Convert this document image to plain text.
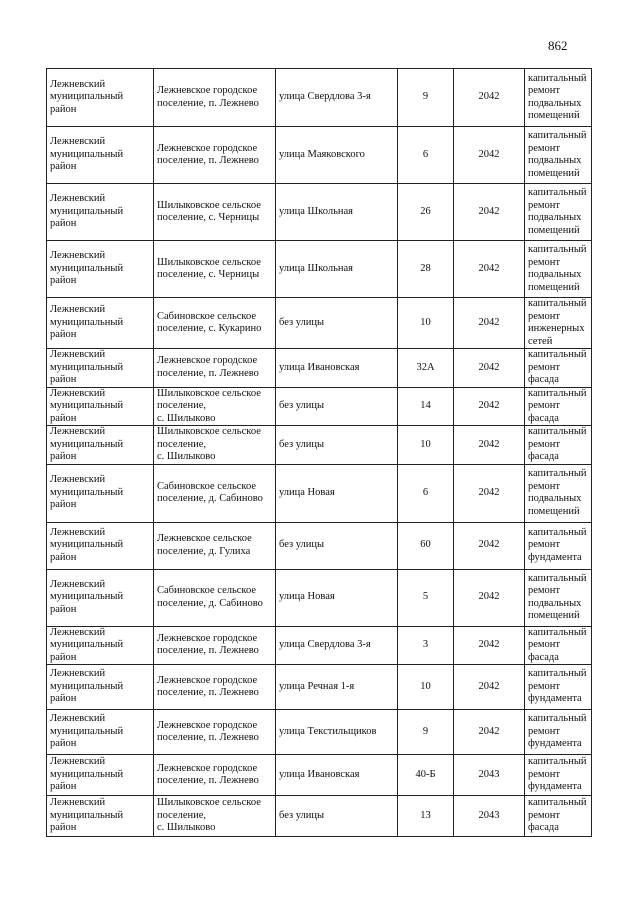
862
Лежневский
муниципальный
район	Лежневское городское
поселение, п. Лежнево	улица Свердлова 3-я	9	2042	капитальный
ремонт
подвальных
помещений
Лежневский
муниципальный
район	Лежневское городское
поселение, п. Лежнево	улица Маяковского	6	2042	капитальный
ремонт
подвальных
помещений
Лежневский
муниципальный
район	Шилыковское сельское
поселение, с. Черницы	улица Школьная	26	2042	капитальный
ремонт
подвальных
помещений
Лежневский
муниципальный
район	Шилыковское сельское
поселение, с. Черницы	улица Школьная	28	2042	капитальный
ремонт
подвальных
помещений
Лежневский
муниципальный
район	Сабиновское сельское
поселение, с. Кукарино	без улицы	10	2042	капитальный
ремонт
инженерных
сетей
Лежневский
муниципальный
район	Лежневское городское
поселение, п. Лежнево	улица Ивановская	32А	2042	капитальный
ремонт фасада
Лежневский
муниципальный
район	Шилыковское сельское
поселение,
с. Шилыково	без улицы	14	2042	капитальный
ремонт фасада
Лежневский
муниципальный
район	Шилыковское сельское
поселение,
с. Шилыково	без улицы	10	2042	капитальный
ремонт фасада
Лежневский
муниципальный
район	Сабиновское сельское
поселение, д. Сабиново	улица Новая	6	2042	капитальный
ремонт
подвальных
помещений
Лежневский
муниципальный
район	Лежневское сельское
поселение, д. Гулиха	без улицы	60	2042	капитальный
ремонт
фундамента
Лежневский
муниципальный
район	Сабиновское сельское
поселение, д. Сабиново	улица Новая	5	2042	капитальный
ремонт
подвальных
помещений
Лежневский
муниципальный
район	Лежневское городское
поселение, п. Лежнево	улица Свердлова 3-я	3	2042	капитальный
ремонт фасада
Лежневский
муниципальный
район	Лежневское городское
поселение, п. Лежнево	улица Речная 1-я	10	2042	капитальный
ремонт
фундамента
Лежневский
муниципальный
район	Лежневское городское
поселение, п. Лежнево	улица Текстильщиков	9	2042	капитальный
ремонт
фундамента
Лежневский
муниципальный
район	Лежневское городское
поселение, п. Лежнево	улица Ивановская	40-Б	2043	капитальный
ремонт
фундамента
Лежневский
муниципальный
район	Шилыковское сельское
поселение,
с. Шилыково	без улицы	13	2043	капитальный
ремонт фасада
